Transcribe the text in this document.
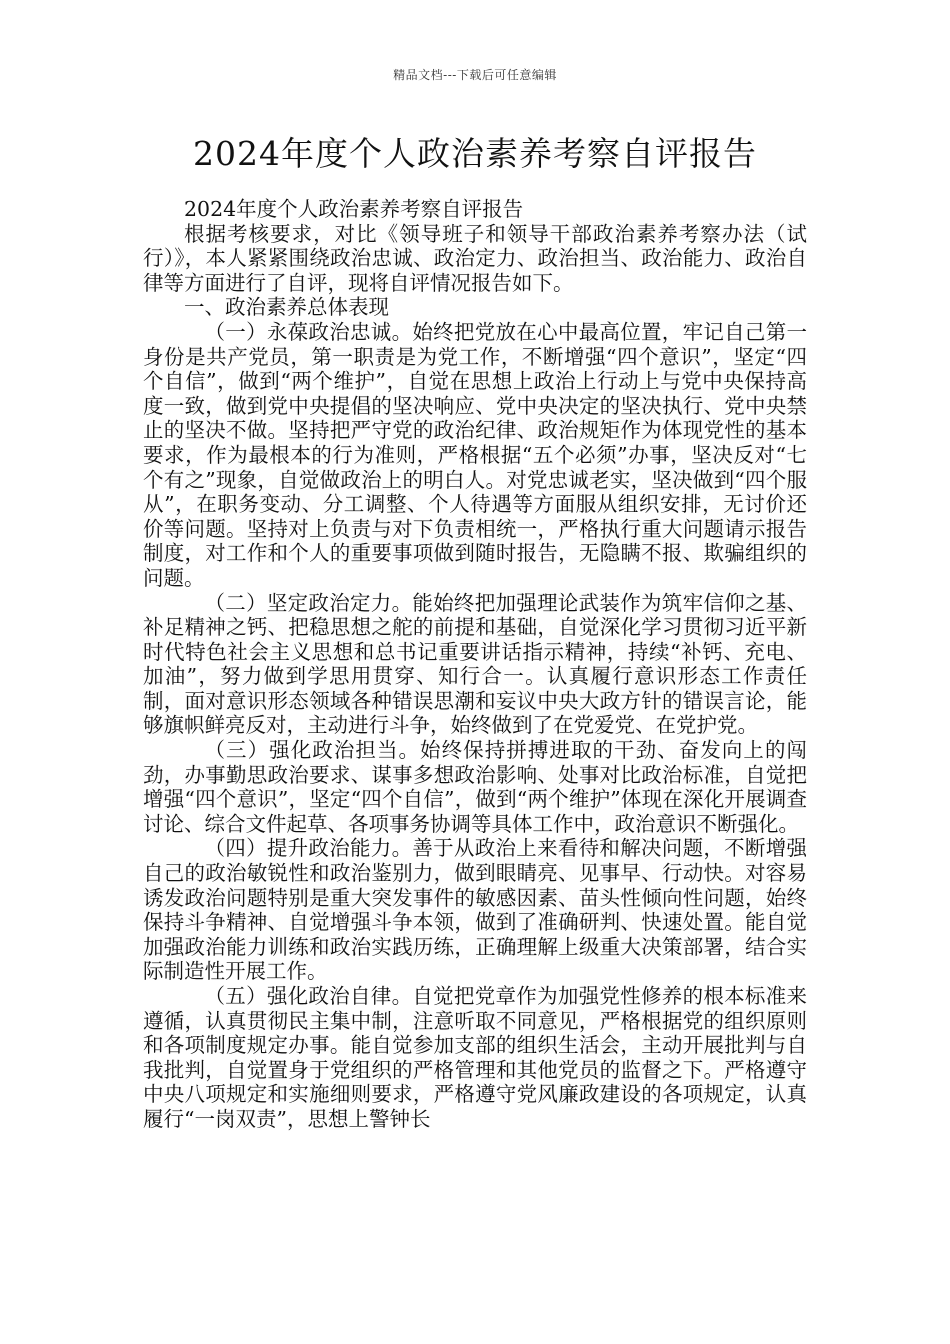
精品文档---下载后可任意编辑
2024年度个人政治素养考察自评报告

2024年度个人政治素养考察自评报告

根据考核要求，对比《领导班子和领导干部政治素养考察办法（试行）》，本人紧紧围绕政治忠诚、政治定力、政治担当、政治能力、政治自律等方面进行了自评，现将自评情况报告如下。

一、政治素养总体表现

（一）永葆政治忠诚。始终把党放在心中最高位置，牢记自己第一身份是共产党员，第一职责是为党工作，不断增强“四个意识”，坚定“四个自信”，做到“两个维护”，自觉在思想上政治上行动上与党中央保持高度一致，做到党中央提倡的坚决响应、党中央决定的坚决执行、党中央禁止的坚决不做。坚持把严守党的政治纪律、政治规矩作为体现党性的基本要求，作为最根本的行为准则，严格根据“五个必须”办事，坚决反对“七个有之”现象，自觉做政治上的明白人。对党忠诚老实，坚决做到“四个服从”，在职务变动、分工调整、个人待遇等方面服从组织安排，无讨价还价等问题。坚持对上负责与对下负责相统一，严格执行重大问题请示报告制度，对工作和个人的重要事项做到随时报告，无隐瞒不报、欺骗组织的问题。

（二）坚定政治定力。能始终把加强理论武装作为筑牢信仰之基、补足精神之钙、把稳思想之舵的前提和基础，自觉深化学习贯彻习近平新时代特色社会主义思想和总书记重要讲话指示精神，持续“补钙、充电、加油”，努力做到学思用贯穿、知行合一。认真履行意识形态工作责任制，面对意识形态领域各种错误思潮和妄议中央大政方针的错误言论，能够旗帜鲜亮反对，主动进行斗争，始终做到了在党爱党、在党护党。

（三）强化政治担当。始终保持拼搏进取的干劲、奋发向上的闯劲，办事勤思政治要求、谋事多想政治影响、处事对比政治标准，自觉把增强“四个意识”，坚定“四个自信”，做到“两个维护”体现在深化开展调查讨论、综合文件起草、各项事务协调等具体工作中，政治意识不断强化。

（四）提升政治能力。善于从政治上来看待和解决问题，不断增强自己的政治敏锐性和政治鉴别力，做到眼睛亮、见事早、行动快。对容易诱发政治问题特别是重大突发事件的敏感因素、苗头性倾向性问题，始终保持斗争精神、自觉增强斗争本领，做到了准确研判、快速处置。能自觉加强政治能力训练和政治实践历练，正确理解上级重大决策部署，结合实际制造性开展工作。

（五）强化政治自律。自觉把党章作为加强党性修养的根本标准来遵循，认真贯彻民主集中制，注意听取不同意见，严格根据党的组织原则和各项制度规定办事。能自觉参加支部的组织生活会，主动开展批判与自我批判，自觉置身于党组织的严格管理和其他党员的监督之下。严格遵守中央八项规定和实施细则要求，严格遵守党风廉政建设的各项规定，认真履行“一岗双责”，思想上警钟长
